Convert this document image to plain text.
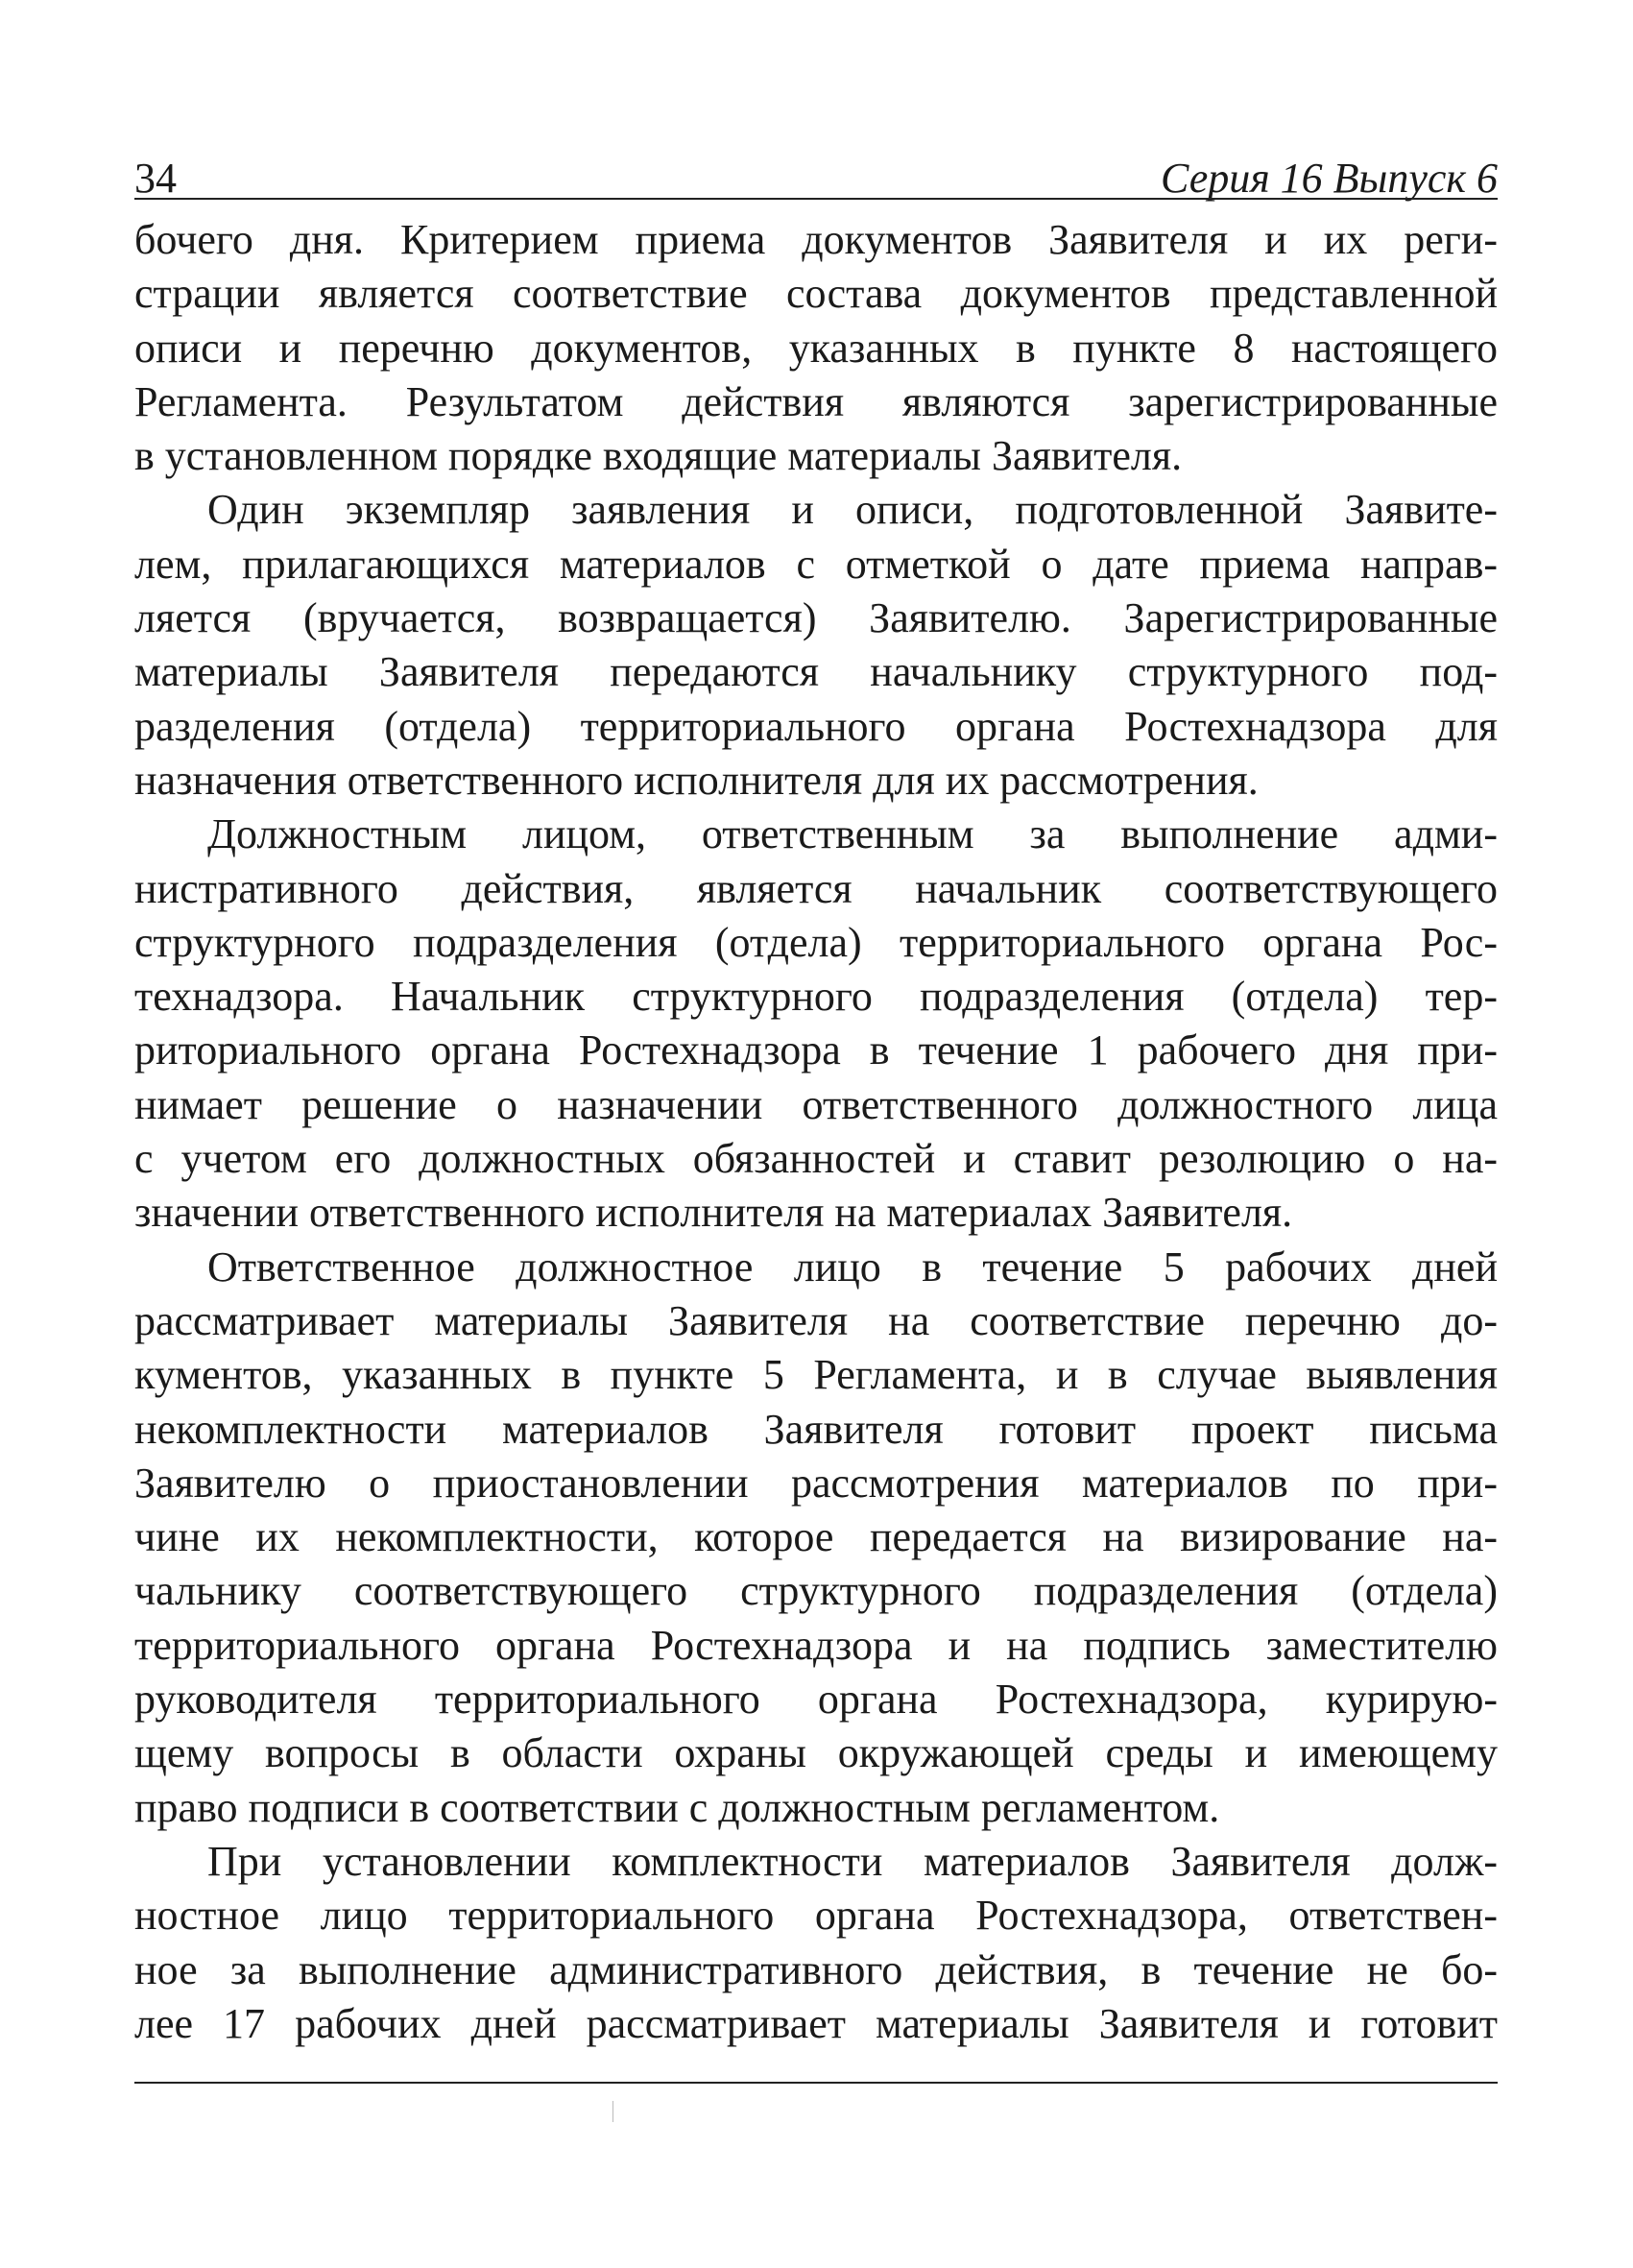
34	Серия 16 Выпуск 6

бочего дня. Критерием приема документов Заявителя и их реги-

страции является соответствие состава документов представленной

описи и перечню документов, указанных в пункте 8 настоящего

Регламента. Результатом действия являются зарегистрированные

в установленном порядке входящие материалы Заявителя.

Один экземпляр заявления и описи, подготовленной Заявите-

лем, прилагающихся материалов с отметкой о дате приема направ-

ляется (вручается, возвращается) Заявителю. Зарегистрированные

материалы Заявителя передаются начальнику структурного под-

разделения (отдела) территориального органа Ростехнадзора для

назначения ответственного исполнителя для их рассмотрения.

Должностным лицом, ответственным за выполнение адми-

нистративного действия, является начальник соответствующего

структурного подразделения (отдела) территориального органа Рос-

технадзора. Начальник структурного подразделения (отдела) тер-

риториального органа Ростехнадзора в течение 1 рабочего дня при-

нимает решение о назначении ответственного должностного лица

с учетом его должностных обязанностей и ставит резолюцию о на-

значении ответственного исполнителя на материалах Заявителя.

Ответственное должностное лицо в течение 5 рабочих дней

рассматривает материалы Заявителя на соответствие перечню до-

кументов, указанных в пункте 5 Регламента, и в случае выявления

некомплектности материалов Заявителя готовит проект письма

Заявителю о приостановлении рассмотрения материалов по при-

чине их некомплектности, которое передается на визирование на-

чальнику соответствующего структурного подразделения (отдела)

территориального органа Ростехнадзора и на подпись заместителю

руководителя территориального органа Ростехнадзора, курирую-

щему вопросы в области охраны окружающей среды и имеющему

право подписи в соответствии с должностным регламентом.

При установлении комплектности материалов Заявителя долж-

ностное лицо территориального органа Ростехнадзора, ответствен-

ное за выполнение административного действия, в течение не бо-

лее 17 рабочих дней рассматривает материалы Заявителя и готовит
